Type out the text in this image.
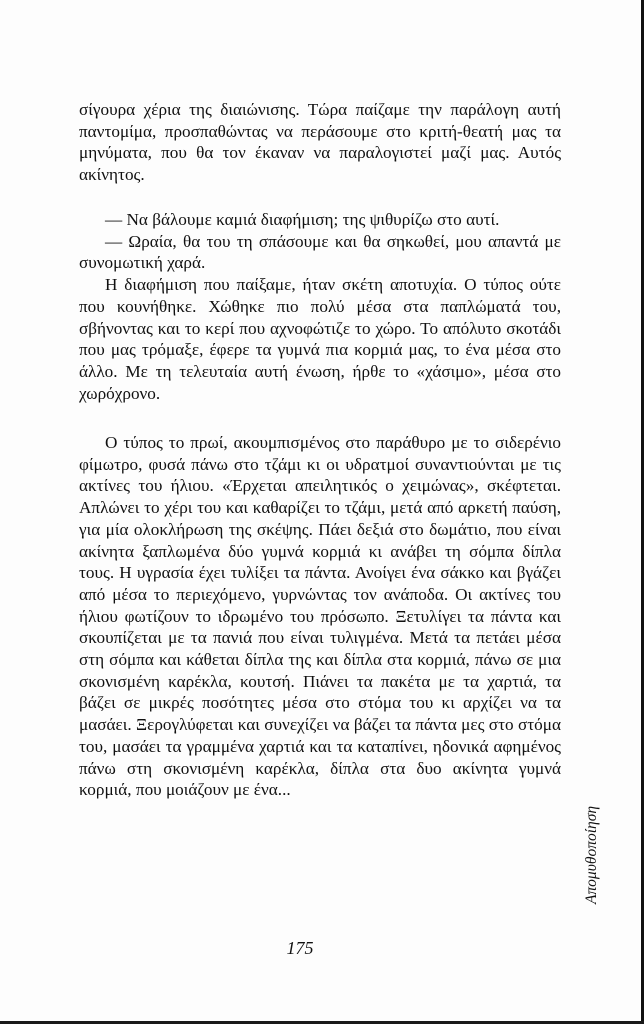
σίγουρα χέρια της διαιώνισης. Τώρα παίζαμε την παράλογη αυτή παντομίμα, προσπαθώντας να περάσουμε στο κριτή-θεατή μας τα μηνύματα, που θα τον έκαναν να παραλογιστεί μαζί μας. Αυτός ακίνητος.

— Να βάλουμε καμιά διαφήμιση; της ψιθυρίζω στο αυτί.

— Ωραία, θα του τη σπάσουμε και θα σηκωθεί, μου απαντά με συνομωτική χαρά.

Η διαφήμιση που παίξαμε, ήταν σκέτη αποτυχία. Ο τύπος ούτε που κουνήθηκε. Χώθηκε πιο πολύ μέσα στα παπλώματά του, σβήνοντας και το κερί που αχνοφώτιζε το χώρο. Το απόλυτο σκοτάδι που μας τρόμαξε, έφερε τα γυμνά πια κορμιά μας, το ένα μέσα στο άλλο. Με τη τελευταία αυτή ένωση, ήρθε το «χάσιμο», μέσα στο χωρόχρονο.

Ο τύπος το πρωί, ακουμπισμένος στο παράθυρο με το σιδερένιο φίμωτρο, φυσά πάνω στο τζάμι κι οι υδρατμοί συναντιούνται με τις ακτίνες του ήλιου. «Έρχεται απειλητικός ο χειμώνας», σκέφτεται. Απλώνει το χέρι του και καθαρίζει το τζάμι, μετά από αρκετή παύση, για μία ολοκλήρωση της σκέψης. Πάει δεξιά στο δωμάτιο, που είναι ακίνητα ξαπλωμένα δύο γυμνά κορμιά κι ανάβει τη σόμπα δίπλα τους. Η υγρασία έχει τυλίξει τα πάντα. Ανοίγει ένα σάκκο και βγάζει από μέσα το περιεχόμενο, γυρνώντας τον ανάποδα. Οι ακτίνες του ήλιου φωτίζουν το ιδρωμένο του πρόσωπο. Ξετυλίγει τα πάντα και σκουπίζεται με τα πανιά που είναι τυλιγμένα. Μετά τα πετάει μέσα στη σόμπα και κάθεται δίπλα της και δίπλα στα κορμιά, πάνω σε μια σκονισμένη καρέκλα, κουτσή. Πιάνει τα πακέτα με τα χαρτιά, τα βάζει σε μικρές ποσότητες μέσα στο στόμα του κι αρχίζει να τα μασάει. Ξερογλύφεται και συνεχίζει να βάζει τα πάντα μες στο στόμα του, μασάει τα γραμμένα χαρτιά και τα καταπίνει, ηδονικά αφημένος πάνω στη σκονισμένη καρέκλα, δίπλα στα δυο ακίνητα γυμνά κορμιά, που μοιάζουν με ένα...

175
Απομυθοποίηση
